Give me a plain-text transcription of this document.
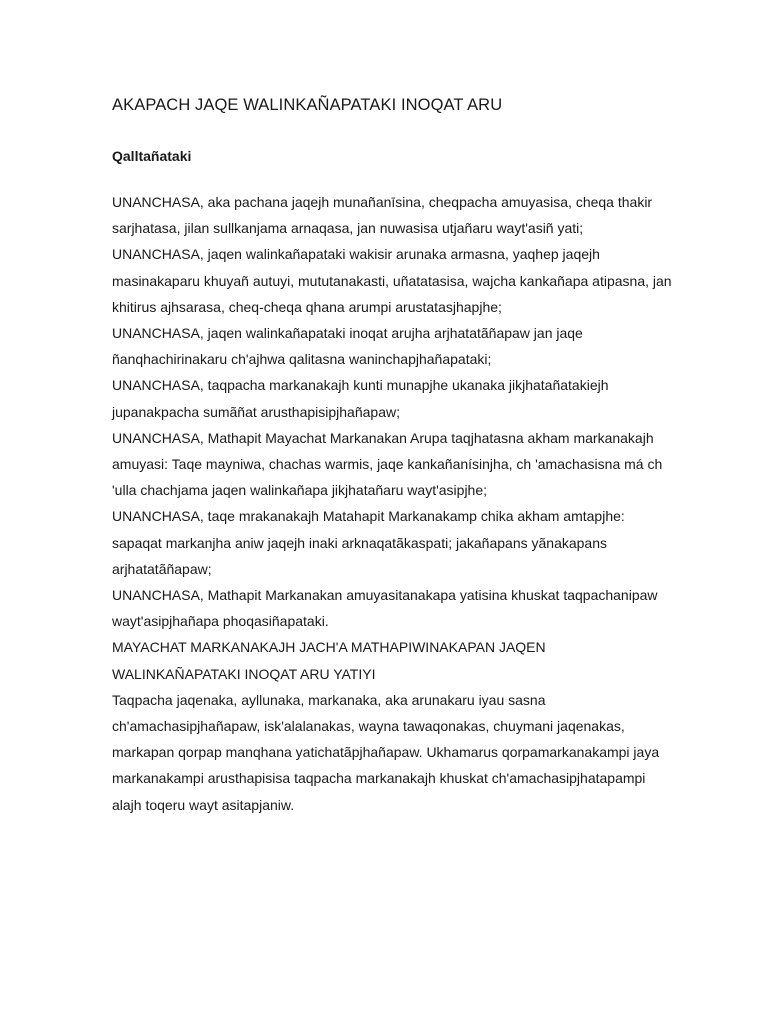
AKAPACH JAQE WALINKAÑAPATAKI INOQAT ARU
Qalltañataki

UNANCHASA, aka pachana jaqejh munañanīsina, cheqpacha amuyasisa, cheqa thakir sarjhatasa, jilan sullkanjama arnaqasa, jan nuwasisa utjañaru wayt'asiñ yati;

UNANCHASA, jaqen walinkañapataki wakisir arunaka armasna, yaqhep jaqejh masinakaparu khuyañ autuyi, mututanakasti, uñatatasisa, wajcha kankañapa atipasna, jan khitirus ajhsarasa, cheq-cheqa qhana arumpi arustatasjhapjhe;

UNANCHASA, jaqen walinkañapataki inoqat arujha arjhatatãñapaw jan jaqe ñanqhachirinakaru ch'ajhwa qalitasna waninchapjhañapataki;

UNANCHASA, taqpacha markanakajh kunti munapjhe ukanaka jikjhatañatakiejh jupanakpacha sumãñat arusthapisipjhañapaw;

UNANCHASA, Mathapit Mayachat Markanakan Arupa taqjhatasna akham markanakajh amuyasi: Taqe mayniwa, chachas warmis, jaqe kankañanísinjha, ch 'amachasisna má ch 'ulla chachjama jaqen walinkañapa jikjhatañaru wayt'asipjhe;

UNANCHASA, taqe mrakanakajh Matahapit Markanakamp chika akham amtapjhe: sapaqat markanjha aniw jaqejh inaki arknaqatãkaspati; jakañapans yãnakapans arjhatatãñapaw;

UNANCHASA, Mathapit Markanakan amuyasitanakapa yatisina khuskat taqpachanipaw wayt'asipjhañapa phoqasiñapataki.

MAYACHAT MARKANAKAJH JACH'A MATHAPIWINAKAPAN JAQEN WALINKAÑAPATAKI INOQAT ARU YATIYI

Taqpacha jaqenaka, ayllunaka, markanaka, aka arunakaru iyau sasna ch'amachasipjhañapaw, isk'alalanakas, wayna tawaqonakas, chuymani jaqenakas, markapan qorpap manqhana yatichatãpjhañapaw. Ukhamarus qorpamarkanakampi jaya markanakampi arusthapisisa taqpacha markanakajh khuskat ch'amachasipjhatapampi alajh toqeru wayt asitapjaniw.
